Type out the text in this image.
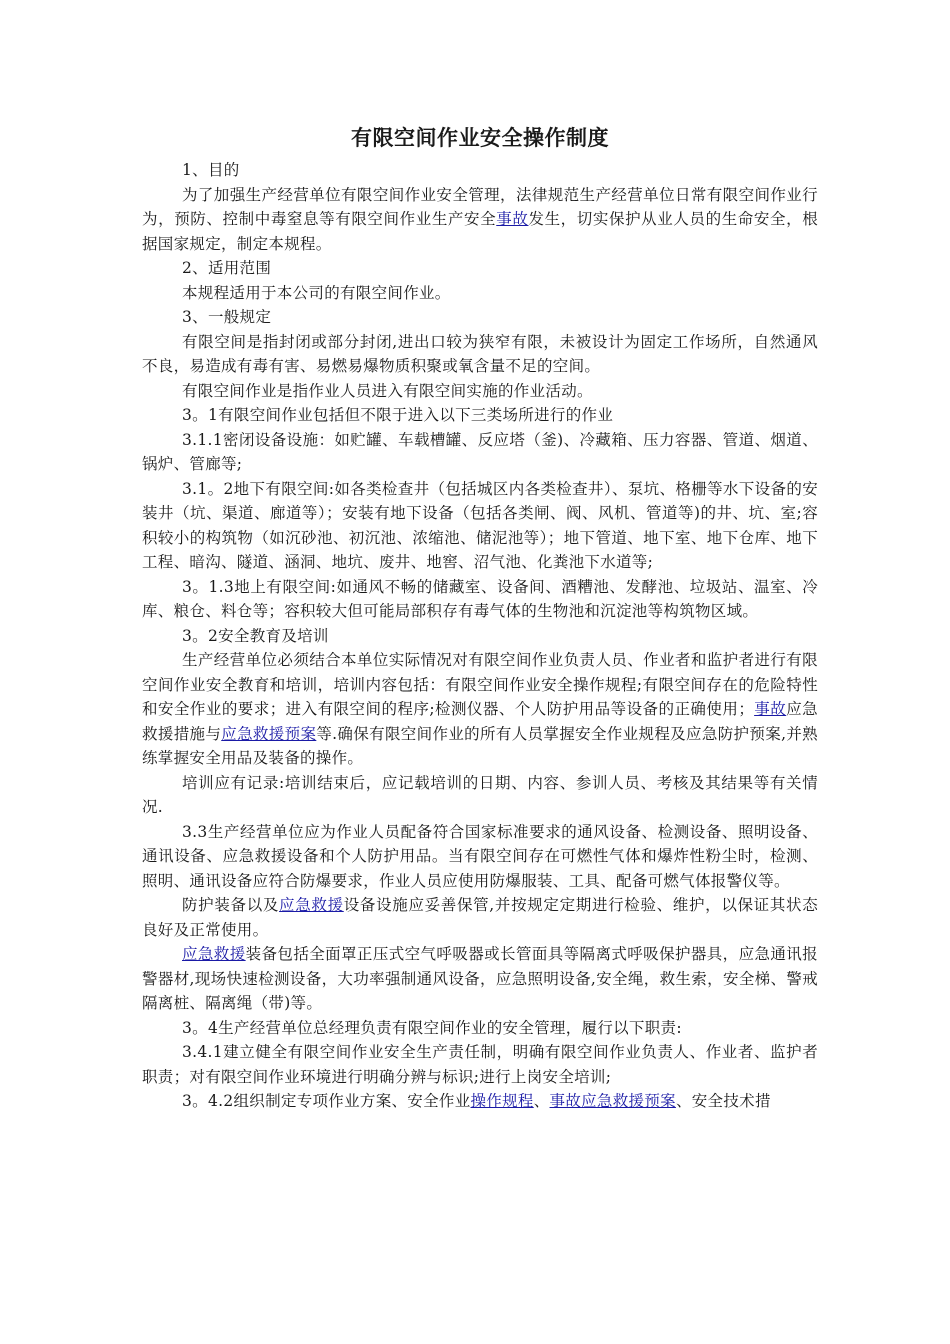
有限空间作业安全操作制度

1、目的

为了加强生产经营单位有限空间作业安全管理，法律规范生产经营单位日常有限空间作业行为，预防、控制中毒窒息等有限空间作业生产安全事故发生，切实保护从业人员的生命安全，根据国家规定，制定本规程。

2、适用范围

本规程适用于本公司的有限空间作业。

3、一般规定

有限空间是指封闭或部分封闭,进出口较为狭窄有限，未被设计为固定工作场所，自然通风不良，易造成有毒有害、易燃易爆物质积聚或氧含量不足的空间。

有限空间作业是指作业人员进入有限空间实施的作业活动。

3。1有限空间作业包括但不限于进入以下三类场所进行的作业

3.1.1密闭设备设施：如贮罐、车载槽罐、反应塔（釜)、冷藏箱、压力容器、管道、烟道、锅炉、管廊等;

3.1。2地下有限空间:如各类检查井（包括城区内各类检查井）、泵坑、格栅等水下设备的安装井（坑、渠道、廊道等）；安装有地下设备（包括各类闸、阀、风机、管道等)的井、坑、室;容积较小的构筑物（如沉砂池、初沉池、浓缩池、储泥池等）；地下管道、地下室、地下仓库、地下工程、暗沟、隧道、涵洞、地坑、废井、地窖、沼气池、化粪池下水道等;

3。1.3地上有限空间:如通风不畅的储藏室、设备间、酒糟池、发酵池、垃圾站、温室、冷库、粮仓、料仓等；容积较大但可能局部积存有毒气体的生物池和沉淀池等构筑物区域。

3。2安全教育及培训

生产经营单位必须结合本单位实际情况对有限空间作业负责人员、作业者和监护者进行有限空间作业安全教育和培训，培训内容包括：有限空间作业安全操作规程;有限空间存在的危险特性和安全作业的要求；进入有限空间的程序;检测仪器、个人防护用品等设备的正确使用；事故应急救援措施与应急救援预案等.确保有限空间作业的所有人员掌握安全作业规程及应急防护预案,并熟练掌握安全用品及装备的操作。

培训应有记录:培训结束后，应记载培训的日期、内容、参训人员、考核及其结果等有关情况.

3.3生产经营单位应为作业人员配备符合国家标准要求的通风设备、检测设备、照明设备、通讯设备、应急救援设备和个人防护用品。当有限空间存在可燃性气体和爆炸性粉尘时，检测、照明、通讯设备应符合防爆要求，作业人员应使用防爆服装、工具、配备可燃气体报警仪等。

防护装备以及应急救援设备设施应妥善保管,并按规定定期进行检验、维护，以保证其状态良好及正常使用。

应急救援装备包括全面罩正压式空气呼吸器或长管面具等隔离式呼吸保护器具，应急通讯报警器材,现场快速检测设备，大功率强制通风设备，应急照明设备,安全绳，救生索，安全梯、警戒隔离桩、隔离绳（带)等。

3。4生产经营单位总经理负责有限空间作业的安全管理，履行以下职责:

3.4.1建立健全有限空间作业安全生产责任制，明确有限空间作业负责人、作业者、监护者职责；对有限空间作业环境进行明确分辨与标识;进行上岗安全培训;

3。4.2组织制定专项作业方案、安全作业操作规程、事故应急救援预案、安全技术措
